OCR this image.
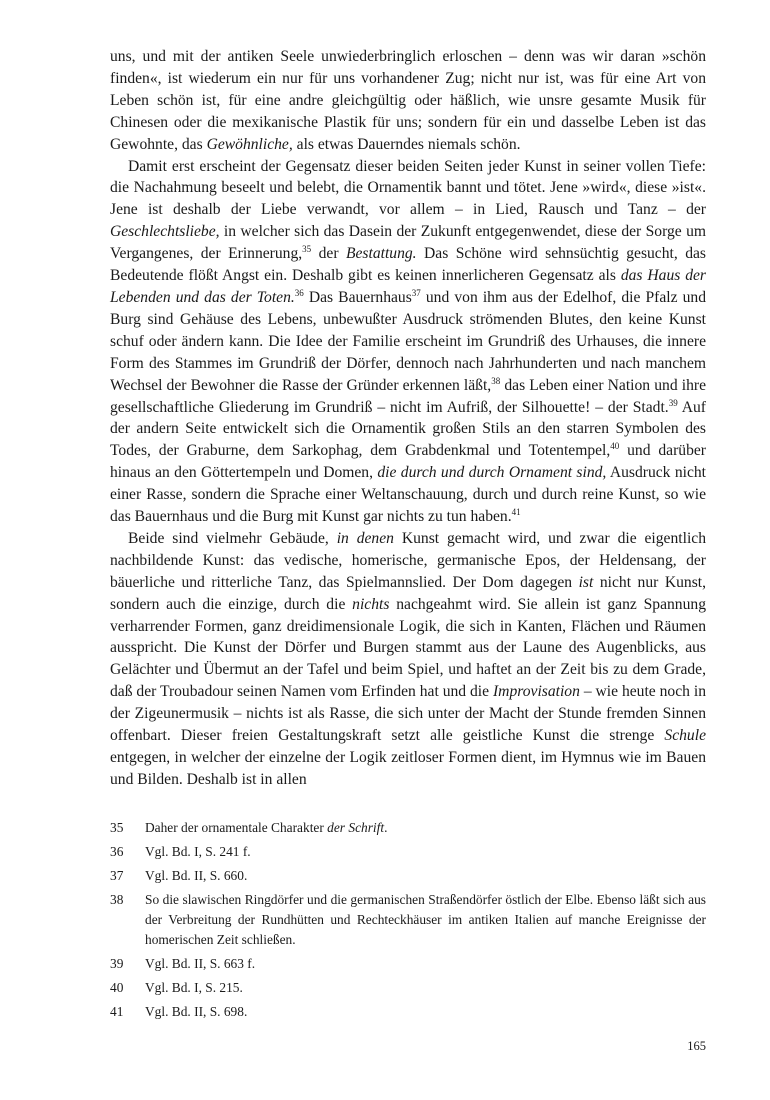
uns, und mit der antiken Seele unwiederbringlich erloschen – denn was wir daran »schön finden«, ist wiederum ein nur für uns vorhandener Zug; nicht nur ist, was für eine Art von Leben schön ist, für eine andre gleichgültig oder häßlich, wie unsre gesamte Musik für Chinesen oder die mexikanische Plastik für uns; sondern für ein und dasselbe Leben ist das Gewohnte, das Gewöhnliche, als etwas Dauerndes niemals schön.

Damit erst erscheint der Gegensatz dieser beiden Seiten jeder Kunst in seiner vollen Tiefe: die Nachahmung beseelt und belebt, die Ornamentik bannt und tötet. Jene »wird«, diese »ist«. Jene ist deshalb der Liebe verwandt, vor allem – in Lied, Rausch und Tanz – der Geschlechtsliebe, in welcher sich das Dasein der Zukunft entgegenwendet, diese der Sorge um Vergangenes, der Erinnerung,$^{35}$ der Bestattung. Das Schöne wird sehnsüchtig gesucht, das Bedeutende flößt Angst ein. Deshalb gibt es keinen innerlicheren Gegensatz als das Haus der Lebenden und das der Toten.$^{36}$ Das Bauernhaus$^{37}$ und von ihm aus der Edelhof, die Pfalz und Burg sind Gehäuse des Lebens, unbewußter Ausdruck strömenden Blutes, den keine Kunst schuf oder ändern kann. Die Idee der Familie erscheint im Grundriß des Urhauses, die innere Form des Stammes im Grundriß der Dörfer, dennoch nach Jahrhunderten und nach manchem Wechsel der Bewohner die Rasse der Gründer erkennen läßt,$^{38}$ das Leben einer Nation und ihre gesellschaftliche Gliederung im Grundriß – nicht im Aufriß, der Silhouette! – der Stadt.$^{39}$ Auf der andern Seite entwickelt sich die Ornamentik großen Stils an den starren Symbolen des Todes, der Graburne, dem Sarkophag, dem Grabdenkmal und Totentempel,$^{40}$ und darüber hinaus an den Göttertempeln und Domen, die durch und durch Ornament sind, Ausdruck nicht einer Rasse, sondern die Sprache einer Weltanschauung, durch und durch reine Kunst, so wie das Bauernhaus und die Burg mit Kunst gar nichts zu tun haben.$^{41}$

Beide sind vielmehr Gebäude, in denen Kunst gemacht wird, und zwar die eigentlich nachbildende Kunst: das vedische, homerische, germanische Epos, der Heldensang, der bäuerliche und ritterliche Tanz, das Spielmannslied. Der Dom dagegen ist nicht nur Kunst, sondern auch die einzige, durch die nichts nachgeahmt wird. Sie allein ist ganz Spannung verharrender Formen, ganz dreidimensionale Logik, die sich in Kanten, Flächen und Räumen ausspricht. Die Kunst der Dörfer und Burgen stammt aus der Laune des Augenblicks, aus Gelächter und Übermut an der Tafel und beim Spiel, und haftet an der Zeit bis zu dem Grade, daß der Troubadour seinen Namen vom Erfinden hat und die Improvisation – wie heute noch in der Zigeunermusik – nichts ist als Rasse, die sich unter der Macht der Stunde fremden Sinnen offenbart. Dieser freien Gestaltungskraft setzt alle geistliche Kunst die strenge Schule entgegen, in welcher der einzelne der Logik zeitloser Formen dient, im Hymnus wie im Bauen und Bilden. Deshalb ist in allen

35	Daher der ornamentale Charakter der Schrift.
36	Vgl. Bd. I, S. 241 f.
37	Vgl. Bd. II, S. 660.
38	So die slawischen Ringdörfer und die germanischen Straßendörfer östlich der Elbe. Ebenso läßt sich aus der Verbreitung der Rundhütten und Rechteckhäuser im antiken Italien auf manche Ereignisse der homerischen Zeit schließen.
39	Vgl. Bd. II, S. 663 f.
40	Vgl. Bd. I, S. 215.
41	Vgl. Bd. II, S. 698.
165
